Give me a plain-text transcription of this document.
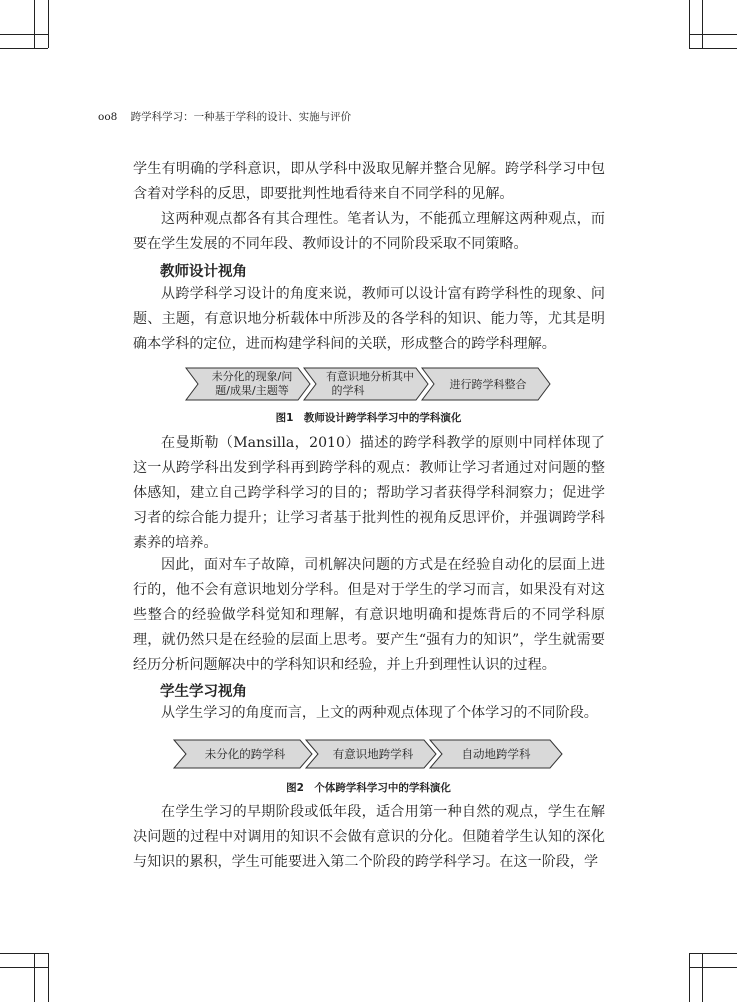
oo8 跨学科学习：一种基于学科的设计、实施与评价
学生有明确的学科意识，即从学科中汲取见解并整合见解。跨学科学习中包含着对学科的反思，即要批判性地看待来自不同学科的见解。
这两种观点都各有其合理性。笔者认为，不能孤立理解这两种观点，而要在学生发展的不同年段、教师设计的不同阶段采取不同策略。
教师设计视角
从跨学科学习设计的角度来说，教师可以设计富有跨学科性的现象、问题、主题，有意识地分析载体中所涉及的各学科的知识、能力等，尤其是明确本学科的定位，进而构建学科间的关联，形成整合的跨学科理解。
未分化的现象/问
题/成果/主题等
有意识地分析其中
的学科	进行跨学科整合
图1　教师设计跨学科学习中的学科演化
在曼斯勒（Mansilla，2010）描述的跨学科教学的原则中同样体现了这一从跨学科出发到学科再到跨学科的观点：教师让学习者通过对问题的整体感知，建立自己跨学科学习的目的；帮助学习者获得学科洞察力；促进学习者的综合能力提升；让学习者基于批判性的视角反思评价，并强调跨学科素养的培养。
因此，面对车子故障，司机解决问题的方式是在经验自动化的层面上进行的，他不会有意识地划分学科。但是对于学生的学习而言，如果没有对这些整合的经验做学科觉知和理解，有意识地明确和提炼背后的不同学科原理，就仍然只是在经验的层面上思考。要产生“强有力的知识”，学生就需要经历分析问题解决中的学科知识和经验，并上升到理性认识的过程。
学生学习视角
从学生学习的角度而言，上文的两种观点体现了个体学习的不同阶段。
未分化的跨学科	有意识地跨学科	自动地跨学科
图2　个体跨学科学习中的学科演化
在学生学习的早期阶段或低年段，适合用第一种自然的观点，学生在解决问题的过程中对调用的知识不会做有意识的分化。但随着学生认知的深化与知识的累积，学生可能要进入第二个阶段的跨学科学习。在这一阶段，学
